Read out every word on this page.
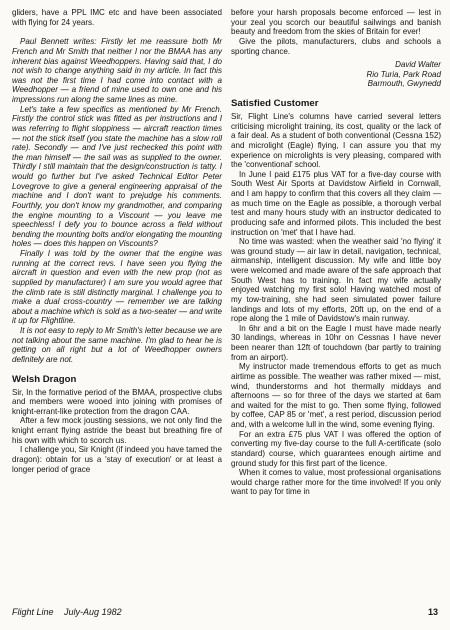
gliders, have a PPL IMC etc and have been associated with flying for 24 years.

Paul Bennett writes: Firstly let me reassure both Mr French and Mr Smith that neither I nor the BMAA has any inherent bias against Weedhoppers. Having said that, I do not wish to change anything said in my article. In fact this was not the first time I had come into contact with a Weedhopper — a friend of mine used to own one and his impressions run along the same lines as mine.

Let's take a few specifics as mentioned by Mr French. Firstly the control stick was fitted as per instructions and I was referring to flight sloppiness — aircraft reaction times — not the stick itself (you state the machine has a slow roll rate). Secondly — and I've just rechecked this point with the man himself — the sail was as supplied to the owner. Thirdly I still maintain that the design/construction is tatty. I would go further but I've asked Technical Editor Peter Lovegrove to give a general engineering appraisal of the machine and I don't want to prejudge his comments. Fourthly, you don't know my grandmother, and comparing the engine mounting to a Viscount — you leave me speechless! I defy you to bounce across a field without bending the mounting bolts and/or elongating the mounting holes — does this happen on Viscounts?

Finally I was told by the owner that the engine was running at the correct revs. I have seen you flying the aircraft in question and even with the new prop (not as supplied by manufacturer) I am sure you would agree that the climb rate is still distinctly marginal. I challenge you to make a dual cross-country — remember we are talking about a machine which is sold as a two-seater — and write it up for Flightline.

It is not easy to reply to Mr Smith's letter because we are not talking about the same machine. I'm glad to hear he is getting on all right but a lot of Weedhopper owners definitely are not.

Welsh Dragon

Sir, In the formative period of the BMAA, prospective clubs and members were wooed into joining with promises of knight-errant-like protection from the dragon CAA.

After a few mock jousting sessions, we not only find the knight errant flying astride the beast but breathing fire of his own with which to scorch us.

I challenge you, Sir Knight (if indeed you have tamed the dragon): obtain for us a 'stay of execution' or at least a longer period of grace

before your harsh proposals become enforced — lest in your zeal you scorch our beautiful sailwings and banish beauty and freedom from the skies of Britain for ever!

Give the pilots, manufacturers, clubs and schools a sporting chance.

David Walter

Rio Turia, Park Road

Barmouth, Gwynedd

Satisfied Customer

Sir, Flight Line's columns have carried several letters criticising microlight training, its cost, quality or the lack of a fair deal. As a student of both conventional (Cessna 152) and microlight (Eagle) flying, I can assure you that my experience on microlights is very pleasing, compared with the 'conventional' school.

In June I paid £175 plus VAT for a five-day course with South West Air Sports at Davidstow Airfield in Cornwall, and I am happy to confirm that this covers all they claim — as much time on the Eagle as possible, a thorough verbal test and many hours study with an instructor dedicated to producing safe and informed pilots. This included the best instruction on 'met' that I have had.

No time was wasted: when the weather said 'no flying' it was ground study — air law in detail, navigation, technical, airmanship, intelligent discussion. My wife and little boy were welcomed and made aware of the safe approach that South West has to training. In fact my wife actually enjoyed watching my first solo! Having watched most of my tow-training, she had seen simulated power failure landings and lots of my efforts, 20ft up, on the end of a rope along the 1 mile of Davidstow's main runway.

In 6hr and a bit on the Eagle I must have made nearly 30 landings, whereas in 10hr on Cessnas I have never been nearer than 12ft of touchdown (bar partly to training from an airport).

My instructor made tremendous efforts to get as much airtime as possible. The weather was rather mixed — mist, wind, thunderstorms and hot thermally middays and afternoons — so for three of the days we started at 6am and waited for the mist to go. Then some flying, followed by coffee, CAP 85 or 'met', a rest period, discussion period and, with a welcome lull in the wind, some evening flying.

For an extra £75 plus VAT I was offered the option of converting my five-day course to the full A-certificate (solo standard) course, which guarantees enough airtime and ground study for this first part of the licence.

When it comes to value, most professional organisations would charge rather more for the time involved! If you only want to pay for time in

Flight Line July-Aug 1982	13
